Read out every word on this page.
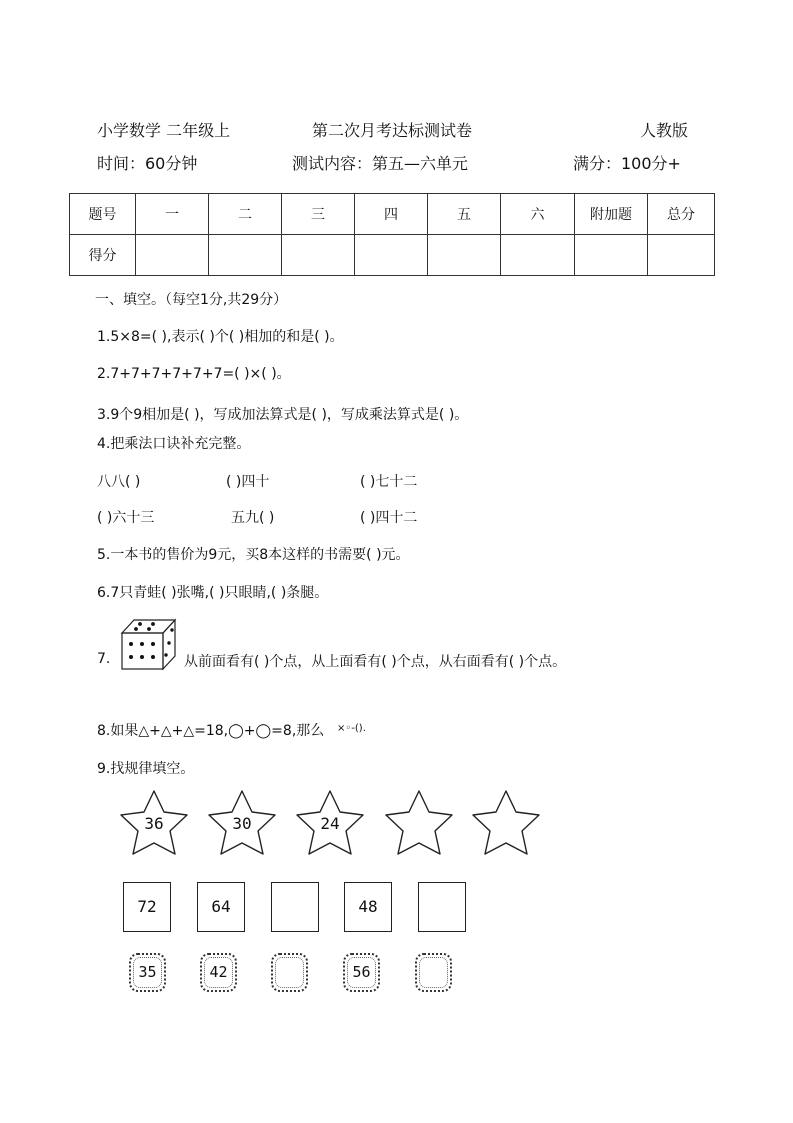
小学数学 二年级上	第二次月考达标测试卷	人教版
时间：60分钟	测试内容：第五—六单元	满分：100分+
题号	一	二	三	四	五	六	附加题	总分
得分								
一、填空。（每空1分,共29分）
1.5×8=( ),表示( )个( )相加的和是( )。
2.7+7+7+7+7+7=( )×( )。
3.9个9相加是( )，写成加法算式是( )，写成乘法算式是( )。
4.把乘法口诀补充完整。
八八( )	( )四十	( )七十二
( )六十三	五九( )	( )四十二
5.一本书的售价为9元，买8本这样的书需要( )元。
6.7只青蛙( )张嘴,( )只眼睛,( )条腿。
7.	从前面看有( )个点，从上面看有( )个点，从右面看有( )个点。
8.如果△+△+△=18,◯+◯=8,那么 ×◦-().
9.找规律填空。
36	30	24
72	64	48
35	42	56
